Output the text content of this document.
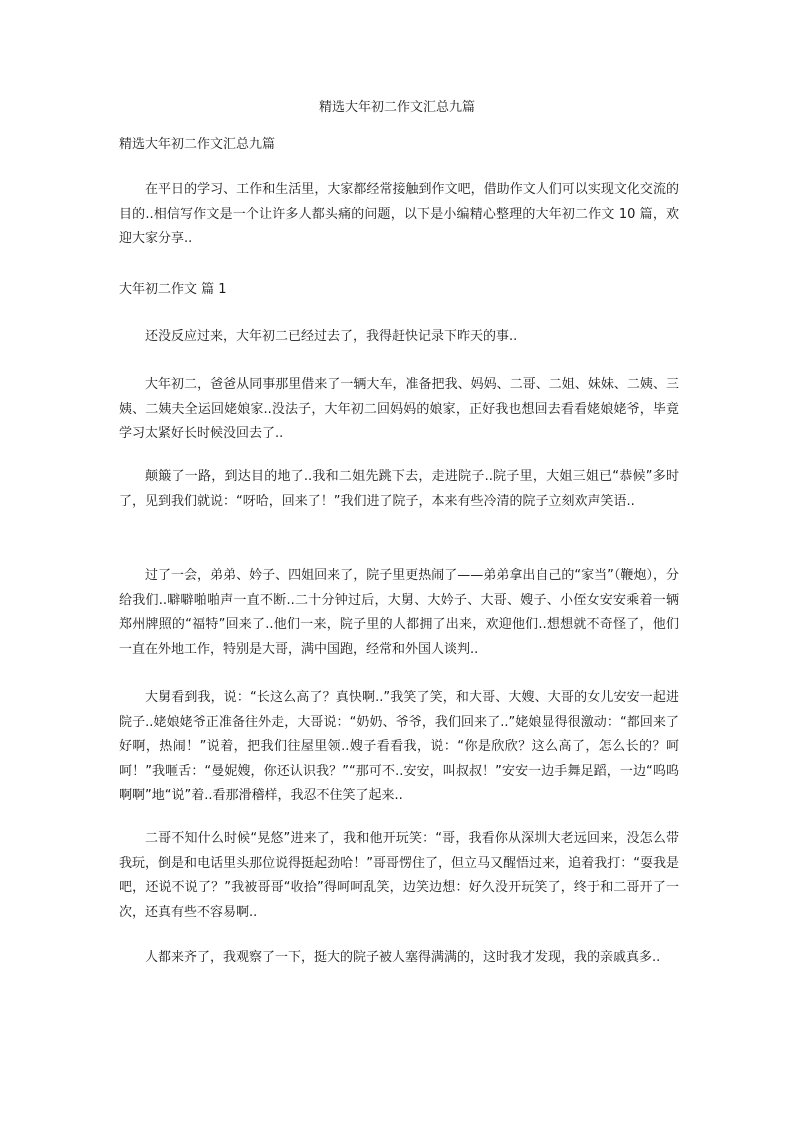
精选大年初二作文汇总九篇

精选大年初二作文汇总九篇

在平日的学习、工作和生活里，大家都经常接触到作文吧，借助作文人们可以实现文化交流的目的..相信写作文是一个让许多人都头痛的问题，以下是小编精心整理的大年初二作文 10 篇，欢迎大家分享..

大年初二作文 篇 1

还没反应过来，大年初二已经过去了，我得赶快记录下昨天的事..

大年初二，爸爸从同事那里借来了一辆大车，准备把我、妈妈、二哥、二姐、妹妹、二姨、三姨、二姨夫全运回姥娘家..没法子，大年初二回妈妈的娘家，正好我也想回去看看姥娘姥爷，毕竟学习太紧好长时候没回去了..

颠簸了一路，到达目的地了..我和二姐先跳下去，走进院子..院子里，大姐三姐已“恭候”多时了，见到我们就说：“呀哈，回来了！”我们进了院子，本来有些冷清的院子立刻欢声笑语..

过了一会，弟弟、妗子、四姐回来了，院子里更热闹了——弟弟拿出自己的“家当”（鞭炮），分给我们..噼噼啪啪声一直不断..二十分钟过后，大舅、大妗子、大哥、嫂子、小侄女安安乘着一辆郑州牌照的“福特”回来了..他们一来，院子里的人都拥了出来，欢迎他们..想想就不奇怪了，他们一直在外地工作，特别是大哥，满中国跑，经常和外国人谈判..

大舅看到我，说：“长这么高了？真快啊..”我笑了笑，和大哥、大嫂、大哥的女儿安安一起进院子..姥娘姥爷正准备往外走，大哥说：“奶奶、爷爷，我们回来了..”姥娘显得很激动：“都回来了好啊，热闹！”说着，把我们往屋里领..嫂子看看我，说：“你是欣欣？这么高了，怎么长的？呵呵！”我咂舌：“曼妮嫂，你还认识我？”“那可不..安安，叫叔叔！”安安一边手舞足蹈，一边“呜呜啊啊”地“说”着..看那滑稽样，我忍不住笑了起来..

二哥不知什么时候“晃悠”进来了，我和他开玩笑：“哥，我看你从深圳大老远回来，没怎么带我玩，倒是和电话里头那位说得挺起劲哈！”哥哥愣住了，但立马又醒悟过来，追着我打：“耍我是吧，还说不说了？”我被哥哥“收拾”得呵呵乱笑，边笑边想：好久没开玩笑了，终于和二哥开了一次，还真有些不容易啊..

人都来齐了，我观察了一下，挺大的院子被人塞得满满的，这时我才发现，我的亲戚真多..
